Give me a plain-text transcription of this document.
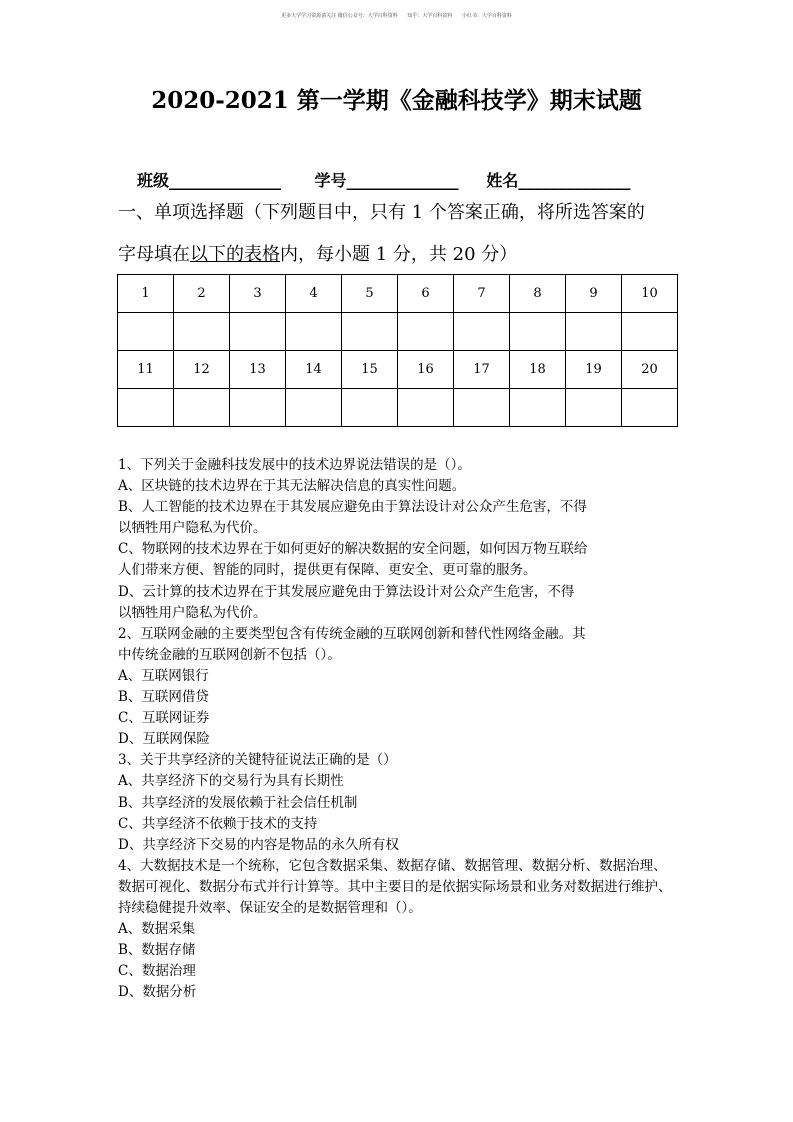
更多大学学习资源请关注 微信公众号：大学百科资料      知乎：大学百科资料      小红书：大学百科资料
2020-2021 第一学期《金融科技学》期末试题
班级______________ 学号______________ 姓名______________
一、单项选择题（下列题目中，只有 1 个答案正确，将所选答案的
字母填在以下的表格内，每小题 1 分，共 20 分）
1	2	3	4	5	6	7	8	9	10

11	12	13	14	15	16	17	18	19	20

1、下列关于金融科技发展中的技术边界说法错误的是（）。
A、区块链的技术边界在于其无法解决信息的真实性问题。
B、人工智能的技术边界在于其发展应避免由于算法设计对公众产生危害，不得
以牺牲用户隐私为代价。
C、物联网的技术边界在于如何更好的解决数据的安全问题，如何因万物互联给
人们带来方便、智能的同时，提供更有保障、更安全、更可靠的服务。
D、云计算的技术边界在于其发展应避免由于算法设计对公众产生危害，不得
以牺牲用户隐私为代价。
2、互联网金融的主要类型包含有传统金融的互联网创新和替代性网络金融。其
中传统金融的互联网创新不包括（）。
A、互联网银行
B、互联网借贷
C、互联网证券
D、互联网保险
3、关于共享经济的关键特征说法正确的是（）
A、共享经济下的交易行为具有长期性
B、共享经济的发展依赖于社会信任机制
C、共享经济不依赖于技术的支持
D、共享经济下交易的内容是物品的永久所有权
4、大数据技术是一个统称，它包含数据采集、数据存储、数据管理、数据分析、数据治理、
数据可视化、数据分布式并行计算等。其中主要目的是依据实际场景和业务对数据进行维护、
持续稳健提升效率、保证安全的是数据管理和（）。
A、数据采集
B、数据存储
C、数据治理
D、数据分析
